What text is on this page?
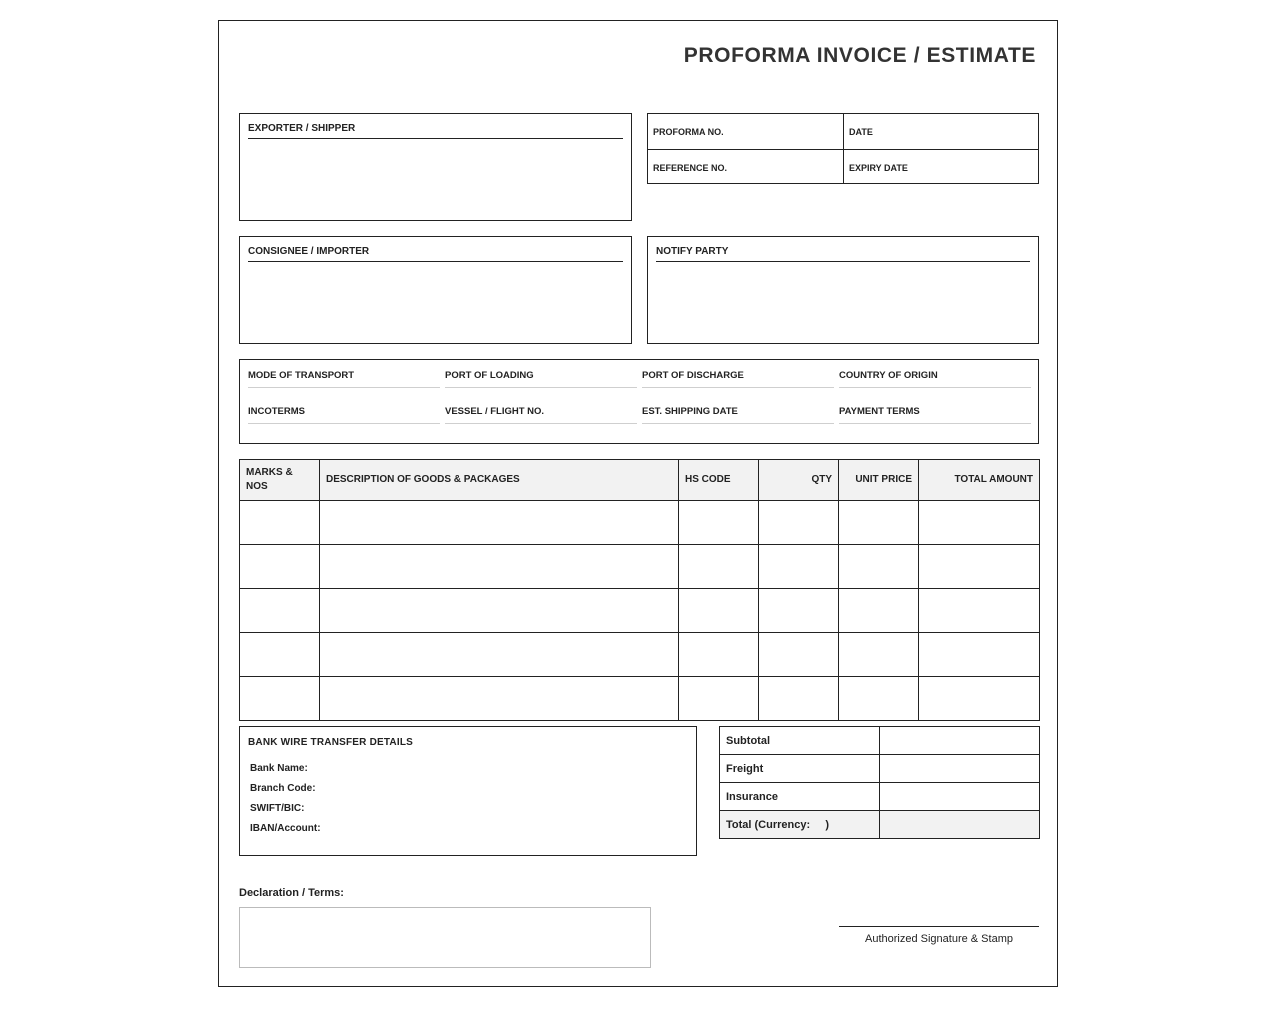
PROFORMA INVOICE / ESTIMATE
EXPORTER / SHIPPER	PROFORMA NO.	DATE
REFERENCE NO.	EXPIRY DATE
CONSIGNEE / IMPORTER	NOTIFY PARTY
MODE OF TRANSPORT	PORT OF LOADING	PORT OF DISCHARGE	COUNTRY OF ORIGIN
INCOTERMS	VESSEL / FLIGHT NO.	EST. SHIPPING DATE	PAYMENT TERMS
MARKS & NOS	DESCRIPTION OF GOODS & PACKAGES	HS CODE	QTY	UNIT PRICE	TOTAL AMOUNT

BANK WIRE TRANSFER DETAILS
Bank Name:
Branch Code:
SWIFT/BIC:
IBAN/Account:
Subtotal	
Freight	
Insurance	
Total (Currency:     )	
Declaration / Terms:
Authorized Signature & Stamp
